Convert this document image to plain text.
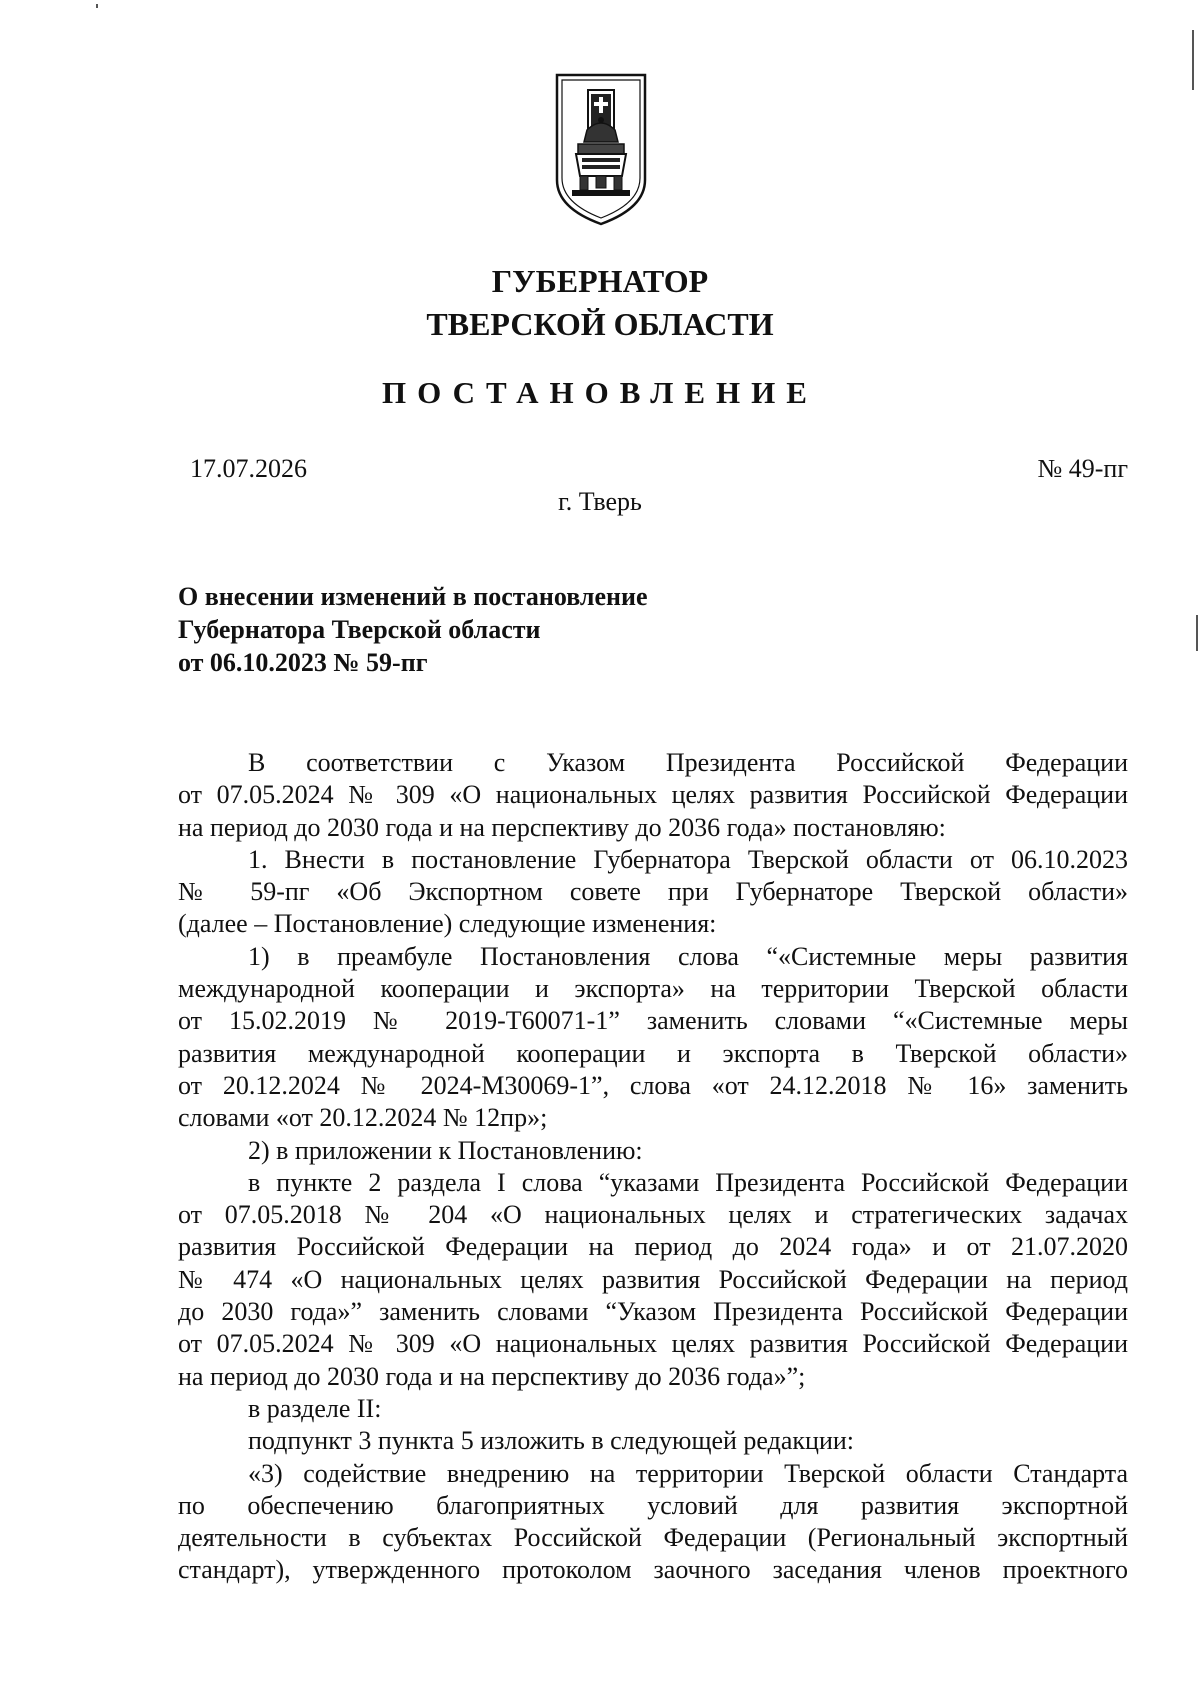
ГУБЕРНАТОР
ТВЕРСКОЙ ОБЛАСТИ
ПОСТАНОВЛЕНИЕ
17.07.2026	№ 49-пг
г. Тверь
О внесении изменений в постановление
Губернатора Тверской области
от 06.10.2023 № 59-пг
В соответствии с Указом Президента Российской Федерации
от 07.05.2024 № 309 «О национальных целях развития Российской Федерации
на период до 2030 года и на перспективу до 2036 года» постановляю:
1. Внести в постановление Губернатора Тверской области от 06.10.2023
№ 59-пг «Об Экспортном совете при Губернаторе Тверской области»
(далее – Постановление) следующие изменения:
1) в преамбуле Постановления слова “«Системные меры развития
международной кооперации и экспорта» на территории Тверской области
от 15.02.2019 № 2019-T60071-1” заменить словами “«Системные меры
развития международной кооперации и экспорта в Тверской области»
от 20.12.2024 № 2024-M30069-1”, слова «от 24.12.2018 № 16» заменить
словами «от 20.12.2024 № 12пр»;
2) в приложении к Постановлению:
в пункте 2 раздела I слова “указами Президента Российской Федерации
от 07.05.2018 № 204 «О национальных целях и стратегических задачах
развития Российской Федерации на период до 2024 года» и от 21.07.2020
№ 474 «О национальных целях развития Российской Федерации на период
до 2030 года»” заменить словами “Указом Президента Российской Федерации
от 07.05.2024 № 309 «О национальных целях развития Российской Федерации
на период до 2030 года и на перспективу до 2036 года»”;
в разделе II:
подпункт 3 пункта 5 изложить в следующей редакции:
«3) содействие внедрению на территории Тверской области Стандарта
по обеспечению благоприятных условий для развития экспортной
деятельности в субъектах Российской Федерации (Региональный экспортный
стандарт), утвержденного протоколом заочного заседания членов проектного
